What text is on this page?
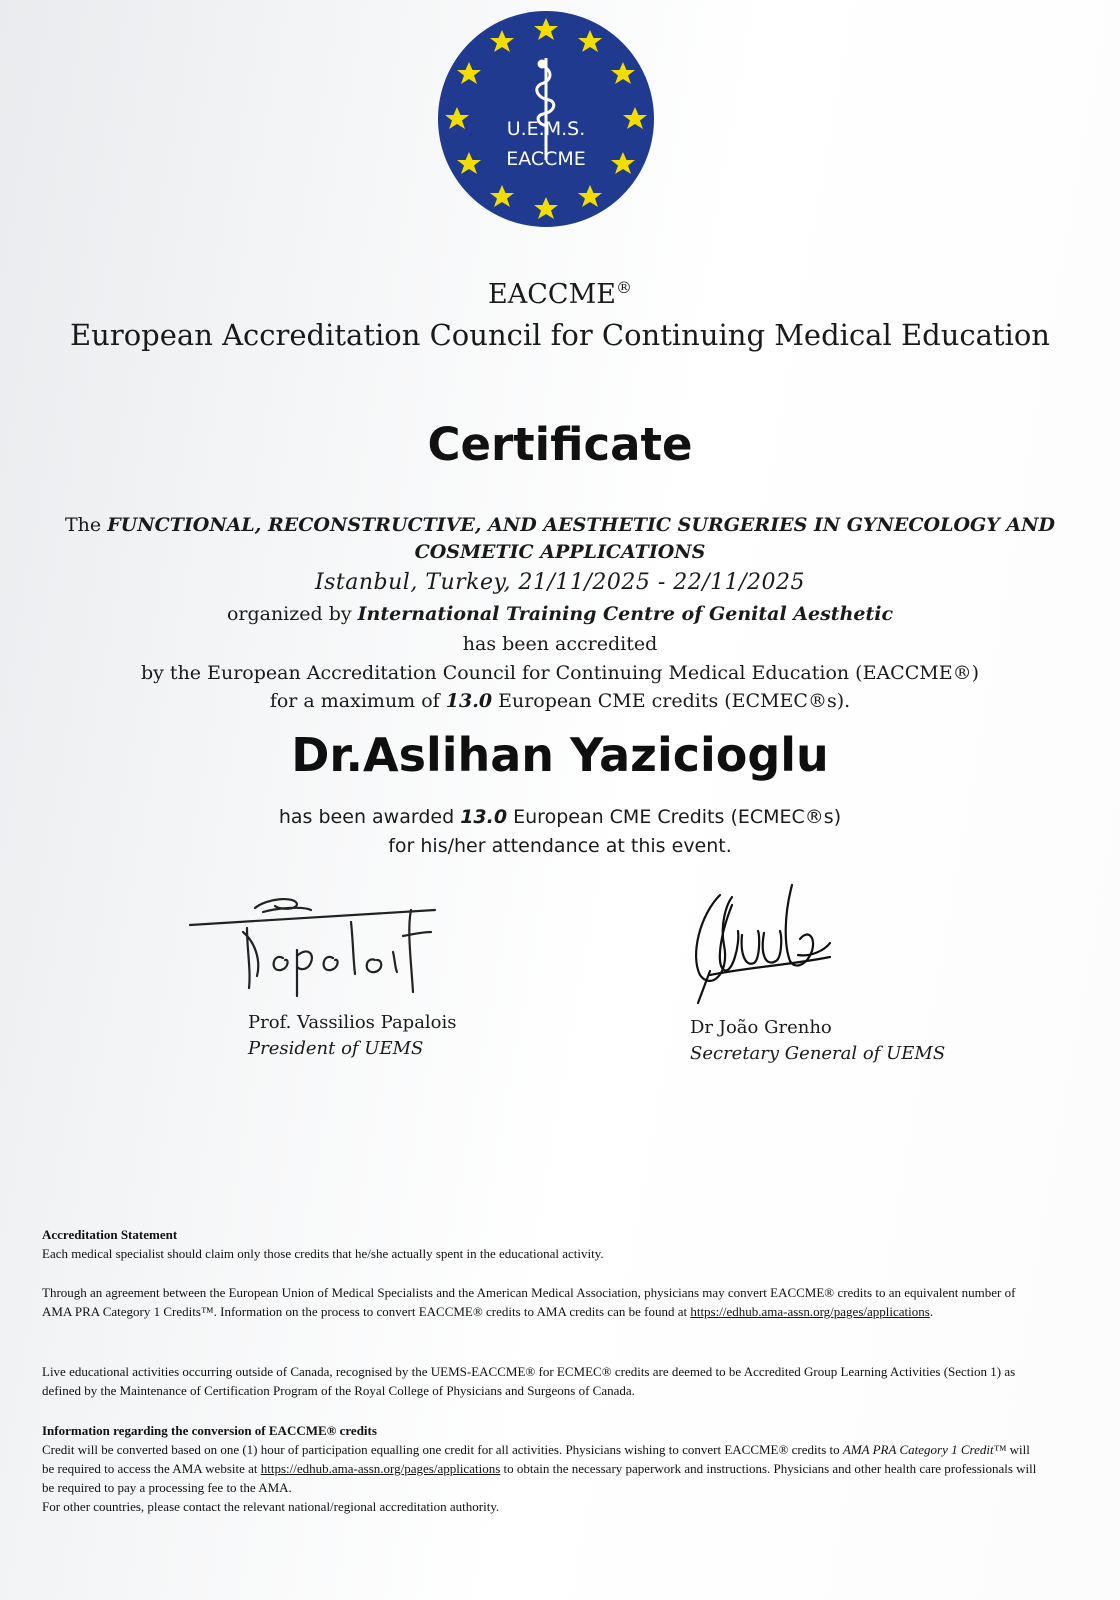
U.E.M.S.
EACCME
EACCME®
European Accreditation Council for Continuing Medical Education
Certificate
The FUNCTIONAL, RECONSTRUCTIVE, AND AESTHETIC SURGERIES IN GYNECOLOGY AND
COSMETIC APPLICATIONS
Istanbul, Turkey, 21/11/2025 - 22/11/2025
organized by International Training Centre of Genital Aesthetic
has been accredited
by the European Accreditation Council for Continuing Medical Education (EACCME®)
for a maximum of 13.0 European CME credits (ECMEC®s).
Dr.Aslihan Yazicioglu
has been awarded 13.0 European CME Credits (ECMEC®s)
for his/her attendance at this event.
Prof. Vassilios Papalois
President of UEMS
Dr João Grenho
Secretary General of UEMS
Accreditation Statement
Each medical specialist should claim only those credits that he/she actually spent in the educational activity.
Through an agreement between the European Union of Medical Specialists and the American Medical Association, physicians may convert EACCME® credits to an equivalent number of AMA PRA Category 1 Credits™. Information on the process to convert EACCME® credits to AMA credits can be found at https://edhub.ama-assn.org/pages/applications.
Live educational activities occurring outside of Canada, recognised by the UEMS-EACCME® for ECMEC® credits are deemed to be Accredited Group Learning Activities (Section 1) as defined by the Maintenance of Certification Program of the Royal College of Physicians and Surgeons of Canada.
Information regarding the conversion of EACCME® credits
Credit will be converted based on one (1) hour of participation equalling one credit for all activities. Physicians wishing to convert EACCME® credits to AMA PRA Category 1 Credit™ will be required to access the AMA website at https://edhub.ama-assn.org/pages/applications to obtain the necessary paperwork and instructions. Physicians and other health care professionals will be required to pay a processing fee to the AMA.
For other countries, please contact the relevant national/regional accreditation authority.
